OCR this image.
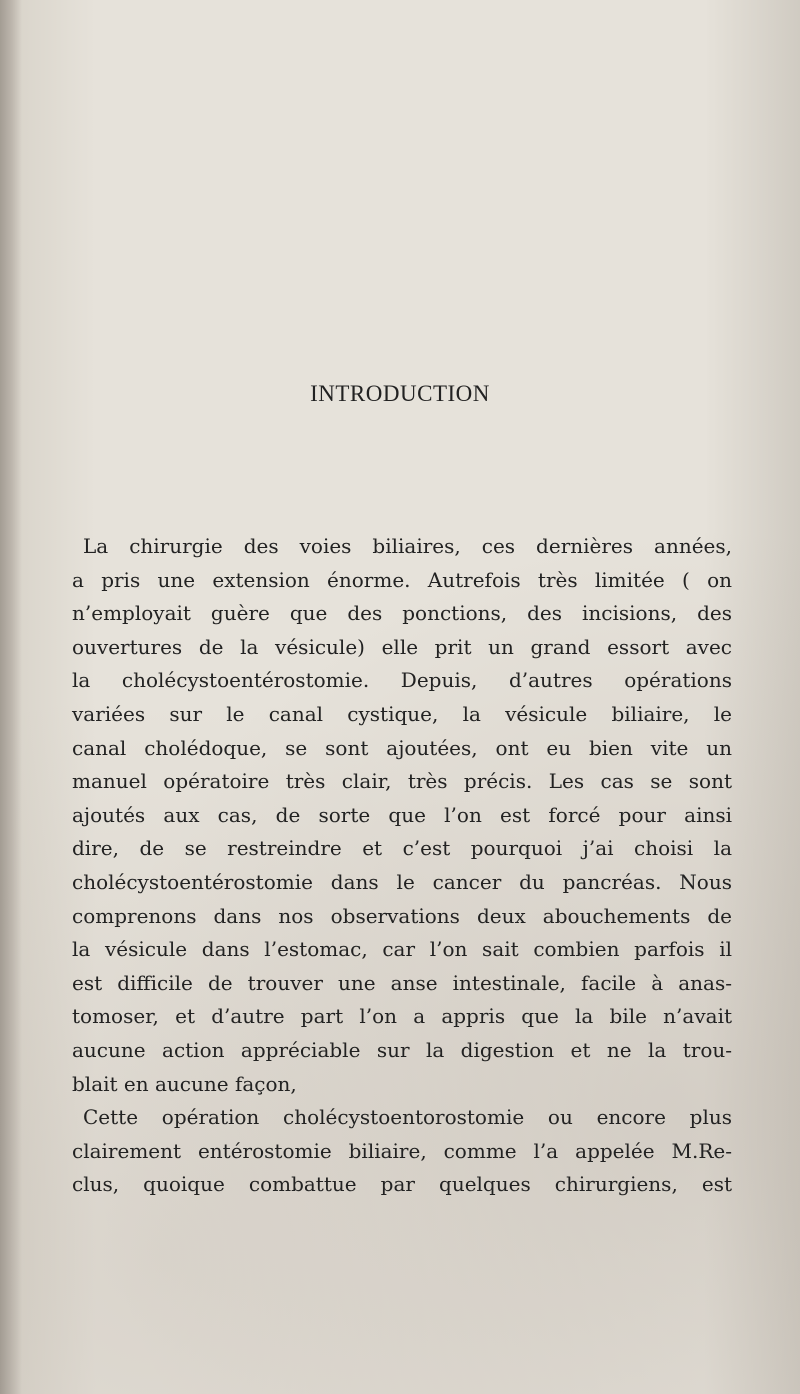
INTRODUCTION
La chirurgie des voies biliaires, ces dernières années,
a pris une extension énorme. Autrefois très limitée ( on
n’employait guère que des ponctions, des incisions, des
ouvertures de la vésicule) elle prit un grand essort avec
la cholécystoentérostomie. Depuis, d’autres opérations
variées sur le canal cystique, la vésicule biliaire, le
canal cholédoque, se sont ajoutées, ont eu bien vite un
manuel opératoire très clair, très précis. Les cas se sont
ajoutés aux cas, de sorte que l’on est forcé pour ainsi
dire, de se restreindre et c’est pourquoi j’ai choisi la
cholécystoentérostomie dans le cancer du pancréas. Nous
comprenons dans nos observations deux abouchements de
la vésicule dans l’estomac, car l’on sait combien parfois il
est difficile de trouver une anse intestinale, facile à anas-
tomoser, et d’autre part l’on a appris que la bile n’avait
aucune action appréciable sur la digestion et ne la trou-
blait en aucune façon,
Cette opération cholécystoentorostomie ou encore plus
clairement entérostomie biliaire, comme l’a appelée M.Re-
clus, quoique combattue par quelques chirurgiens, est
